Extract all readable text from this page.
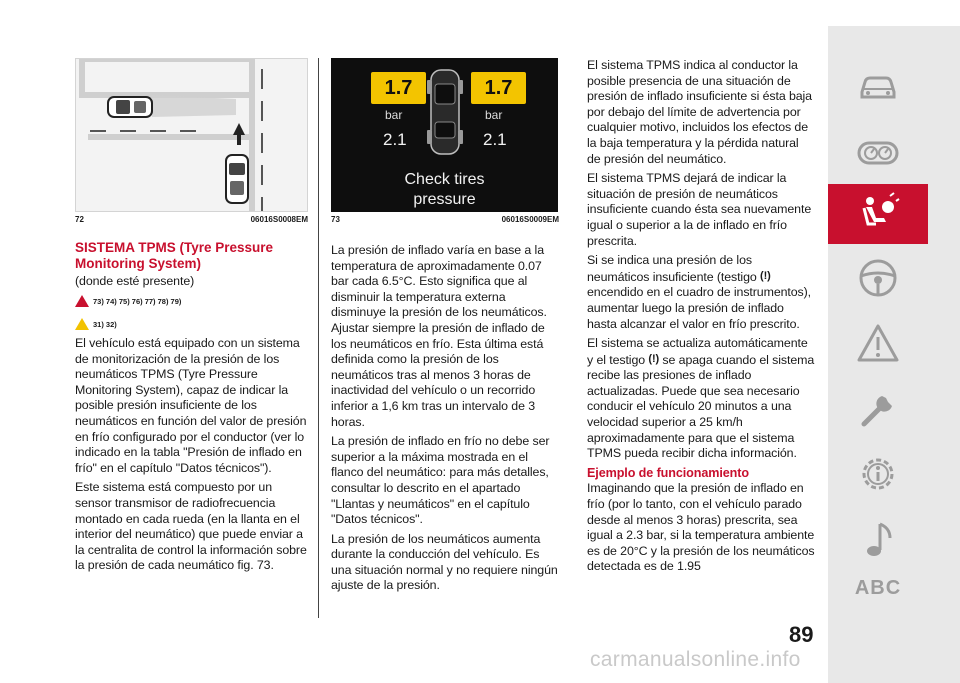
72	06016S0008EM
1.7	1.7
bar	bar
2.1	2.1
Check tires
pressure
73	06016S0009EM
SISTEMA TPMS (Tyre Pressure Monitoring System)
(donde esté presente)
73) 74) 75) 76) 77) 78) 79)
31) 32)

El vehículo está equipado con un sistema de monitorización de la presión de los neumáticos TPMS (Tyre Pressure Monitoring System), capaz de indicar la posible presión insuficiente de los neumáticos en función del valor de presión en frío configurado por el conductor (ver lo indicado en la tabla "Presión de inflado en frío" en el capítulo "Datos técnicos").

Este sistema está compuesto por un sensor transmisor de radiofrecuencia montado en cada rueda (en la llanta en el interior del neumático) que puede enviar a la centralita de control la información sobre la presión de cada neumático fig. 73.

La presión de inflado varía en base a la temperatura de aproximadamente 0.07 bar cada 6.5°C. Esto significa que al disminuir la temperatura externa disminuye la presión de los neumáticos. Ajustar siempre la presión de inflado de los neumáticos en frío. Esta última está definida como la presión de los neumáticos tras al menos 3 horas de inactividad del vehículo o un recorrido inferior a 1,6 km tras un intervalo de 3 horas.

La presión de inflado en frío no debe ser superior a la máxima mostrada en el flanco del neumático: para más detalles, consultar lo descrito en el apartado "Llantas y neumáticos" en el capítulo "Datos técnicos".

La presión de los neumáticos aumenta durante la conducción del vehículo. Es una situación normal y no requiere ningún ajuste de la presión.

El sistema TPMS indica al conductor la posible presencia de una situación de presión de inflado insuficiente si ésta baja por debajo del límite de advertencia por cualquier motivo, incluidos los efectos de la baja temperatura y la pérdida natural de presión del neumático.

El sistema TPMS dejará de indicar la situación de presión de neumáticos insuficiente cuando ésta sea nuevamente igual o superior a la de inflado en frío prescrita.

Si se indica una presión de los neumáticos insuficiente (testigo (!) encendido en el cuadro de instrumentos), aumentar luego la presión de inflado hasta alcanzar el valor en frío prescrito.

El sistema se actualiza automáticamente y el testigo (!) se apaga cuando el sistema recibe las presiones de inflado actualizadas. Puede que sea necesario conducir el vehículo 20 minutos a una velocidad superior a 25 km/h aproximadamente para que el sistema TPMS pueda recibir dicha información.

Ejemplo de funcionamiento

Imaginando que la presión de inflado en frío (por lo tanto, con el vehículo parado desde al menos 3 horas) prescrita, sea igual a 2.3 bar, si la temperatura ambiente es de 20°C y la presión de los neumáticos detectada es de 1.95

89
ABC
carmanualsonline.info
